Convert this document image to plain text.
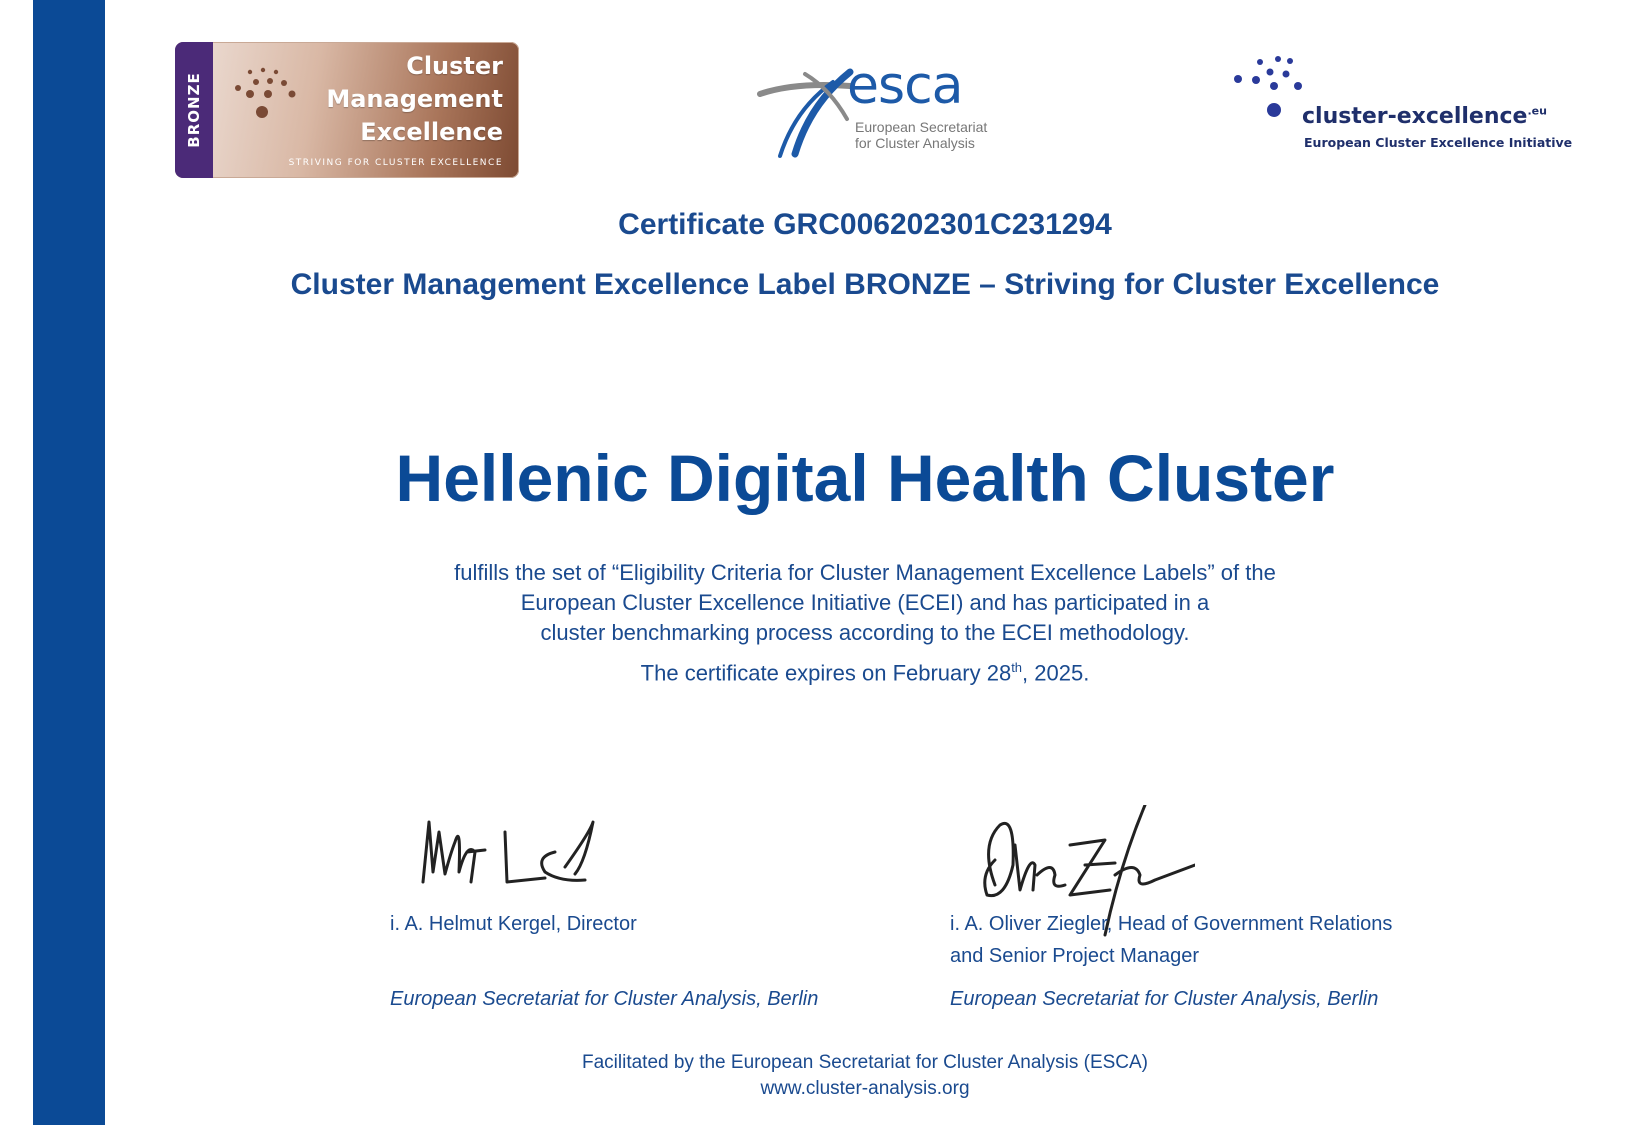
BRONZE
Cluster
Management
Excellence
STRIVING FOR CLUSTER EXCELLENCE
esca
European Secretariat
for Cluster Analysis
cluster-excellence$^{.eu}$
European Cluster Excellence Initiative
Certificate GRC006202301C231294
Cluster Management Excellence Label BRONZE – Striving for Cluster Excellence
Hellenic Digital Health Cluster
fulfills the set of “Eligibility Criteria for Cluster Management Excellence Labels” of the
European Cluster Excellence Initiative (ECEI) and has participated in a
cluster benchmarking process according to the ECEI methodology.
The certificate expires on February 28th, 2025.
i. A. Helmut Kergel, Director	i. A. Oliver Ziegler, Head of Government Relations
and Senior Project Manager
European Secretariat for Cluster Analysis, Berlin	European Secretariat for Cluster Analysis, Berlin
Facilitated by the European Secretariat for Cluster Analysis (ESCA)
www.cluster-analysis.org
